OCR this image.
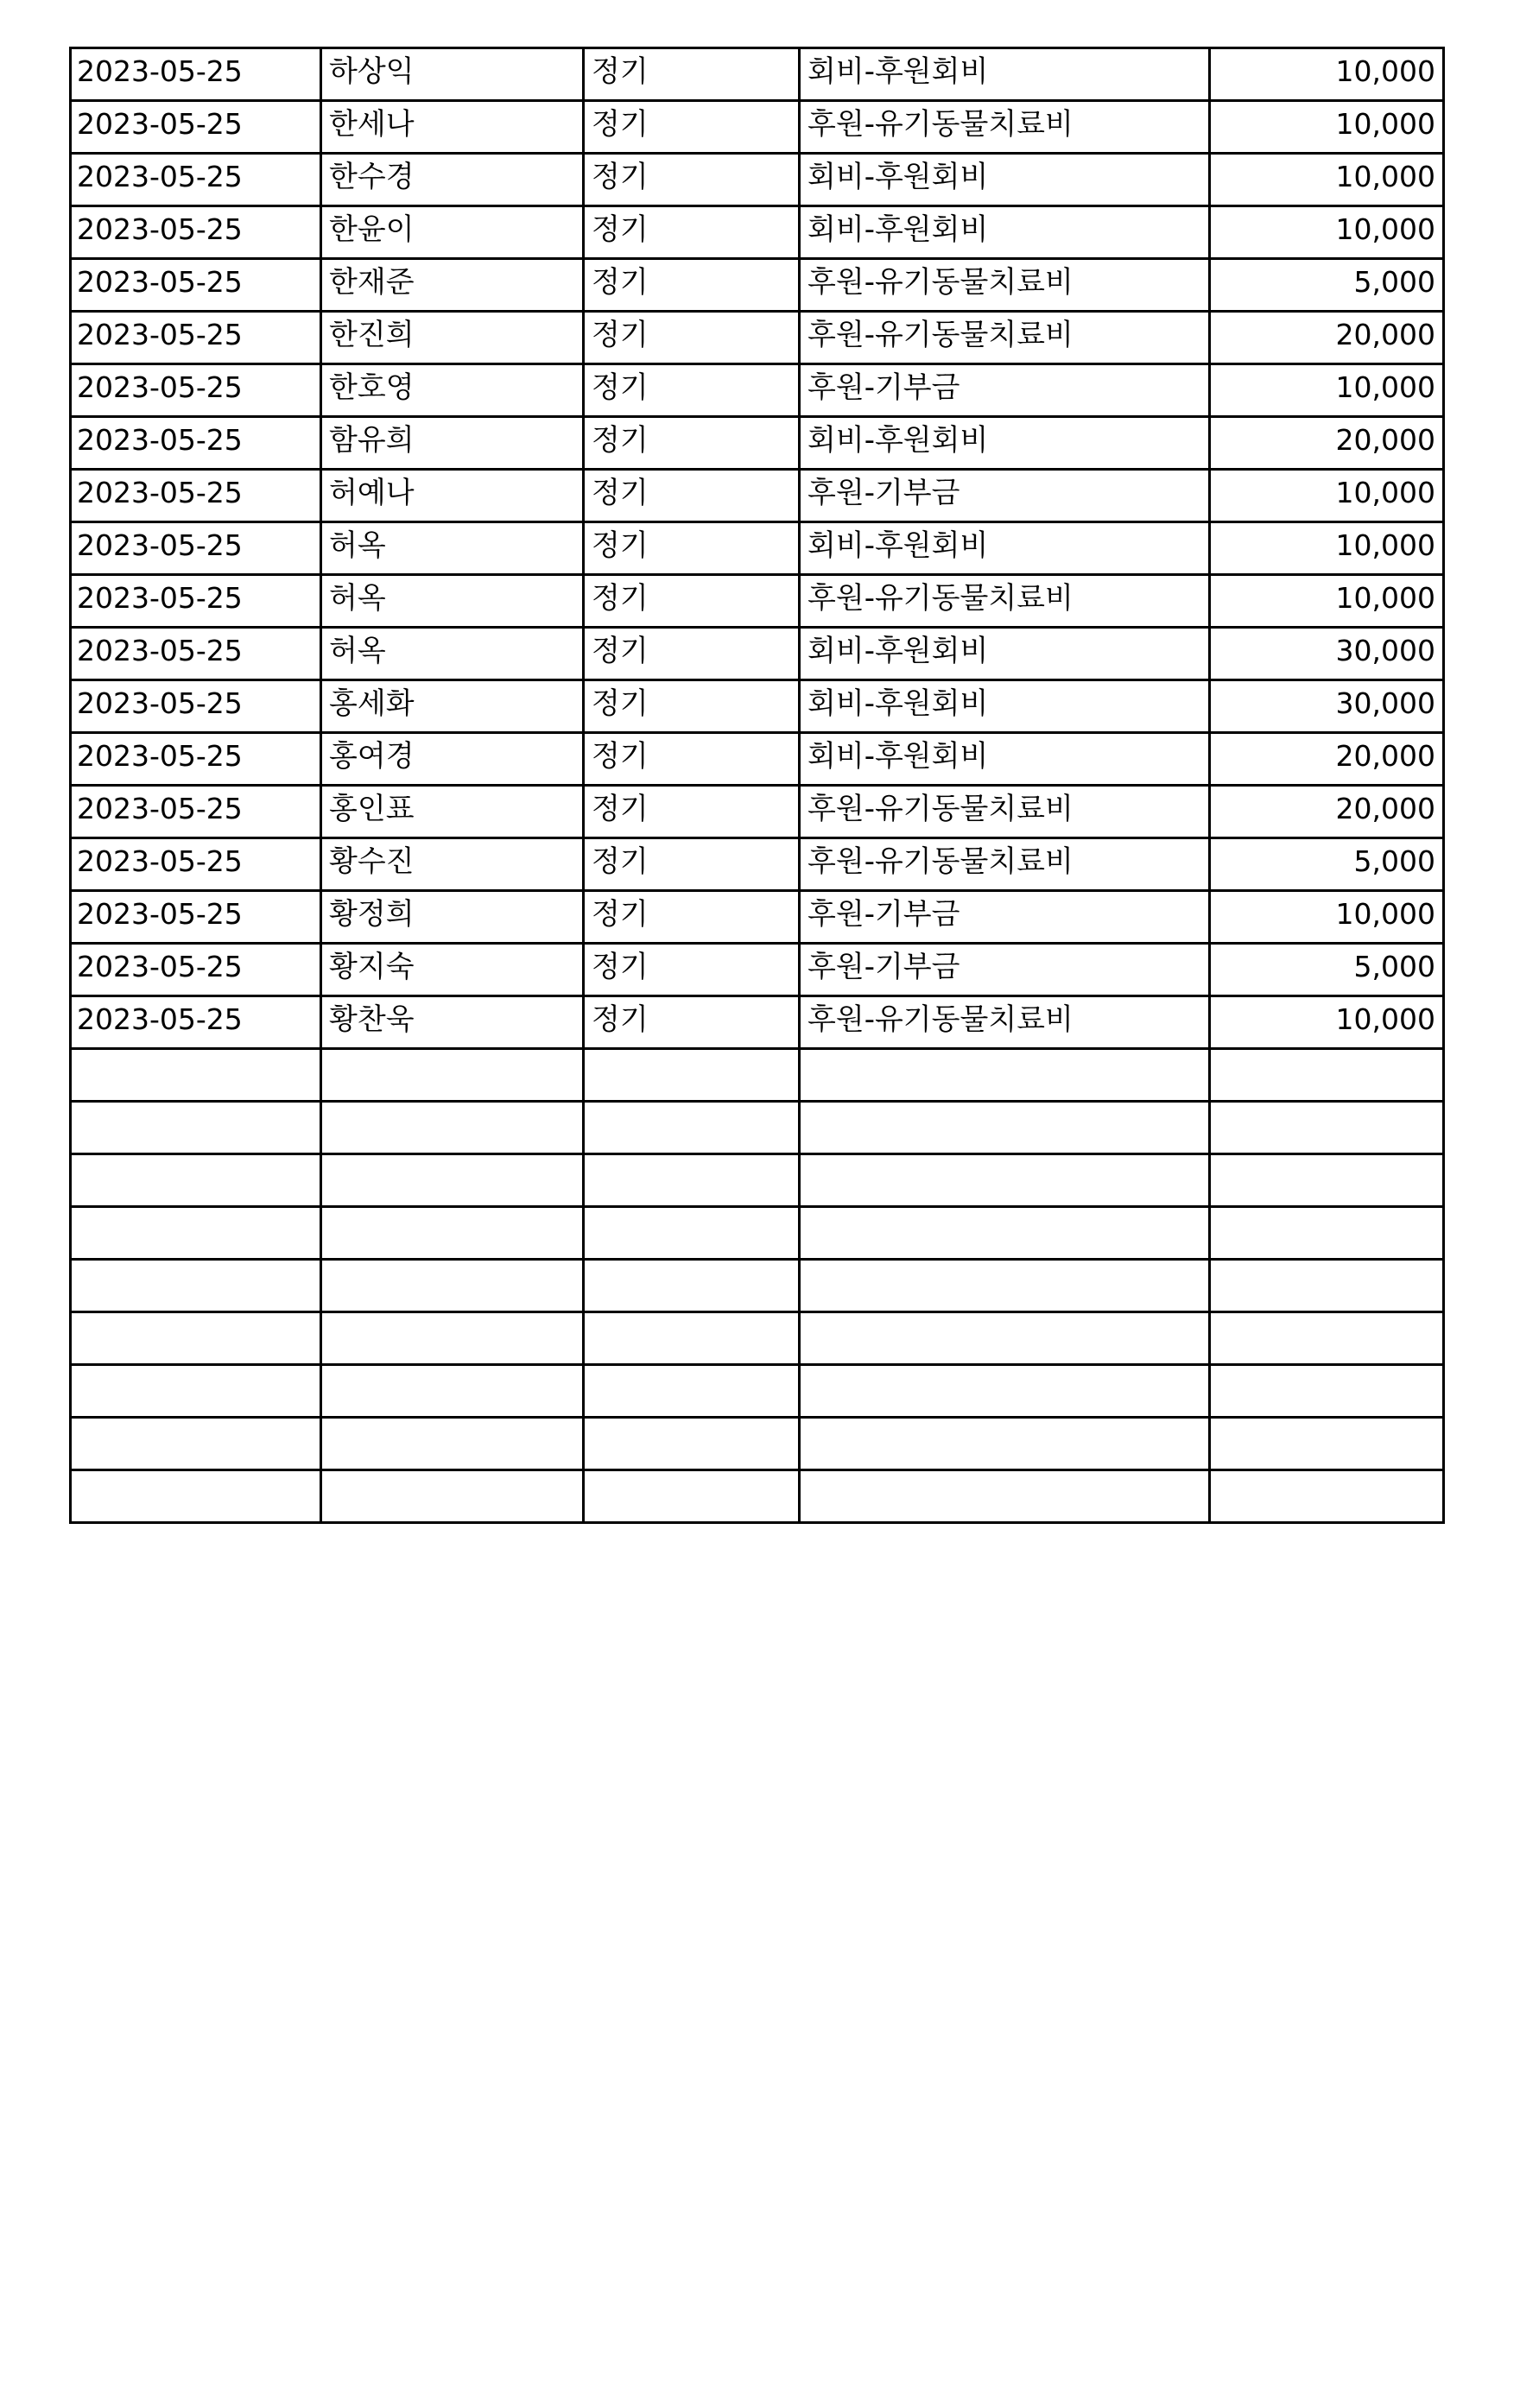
2023-05-25	하상익	정기	회비-후원회비	10,000
2023-05-25	한세나	정기	후원-유기동물치료비	10,000
2023-05-25	한수경	정기	회비-후원회비	10,000
2023-05-25	한윤이	정기	회비-후원회비	10,000
2023-05-25	한재준	정기	후원-유기동물치료비	5,000
2023-05-25	한진희	정기	후원-유기동물치료비	20,000
2023-05-25	한호영	정기	후원-기부금	10,000
2023-05-25	함유희	정기	회비-후원회비	20,000
2023-05-25	허예나	정기	후원-기부금	10,000
2023-05-25	허옥	정기	회비-후원회비	10,000
2023-05-25	허옥	정기	후원-유기동물치료비	10,000
2023-05-25	허옥	정기	회비-후원회비	30,000
2023-05-25	홍세화	정기	회비-후원회비	30,000
2023-05-25	홍여경	정기	회비-후원회비	20,000
2023-05-25	홍인표	정기	후원-유기동물치료비	20,000
2023-05-25	황수진	정기	후원-유기동물치료비	5,000
2023-05-25	황정희	정기	후원-기부금	10,000
2023-05-25	황지숙	정기	후원-기부금	5,000
2023-05-25	황찬욱	정기	후원-유기동물치료비	10,000
